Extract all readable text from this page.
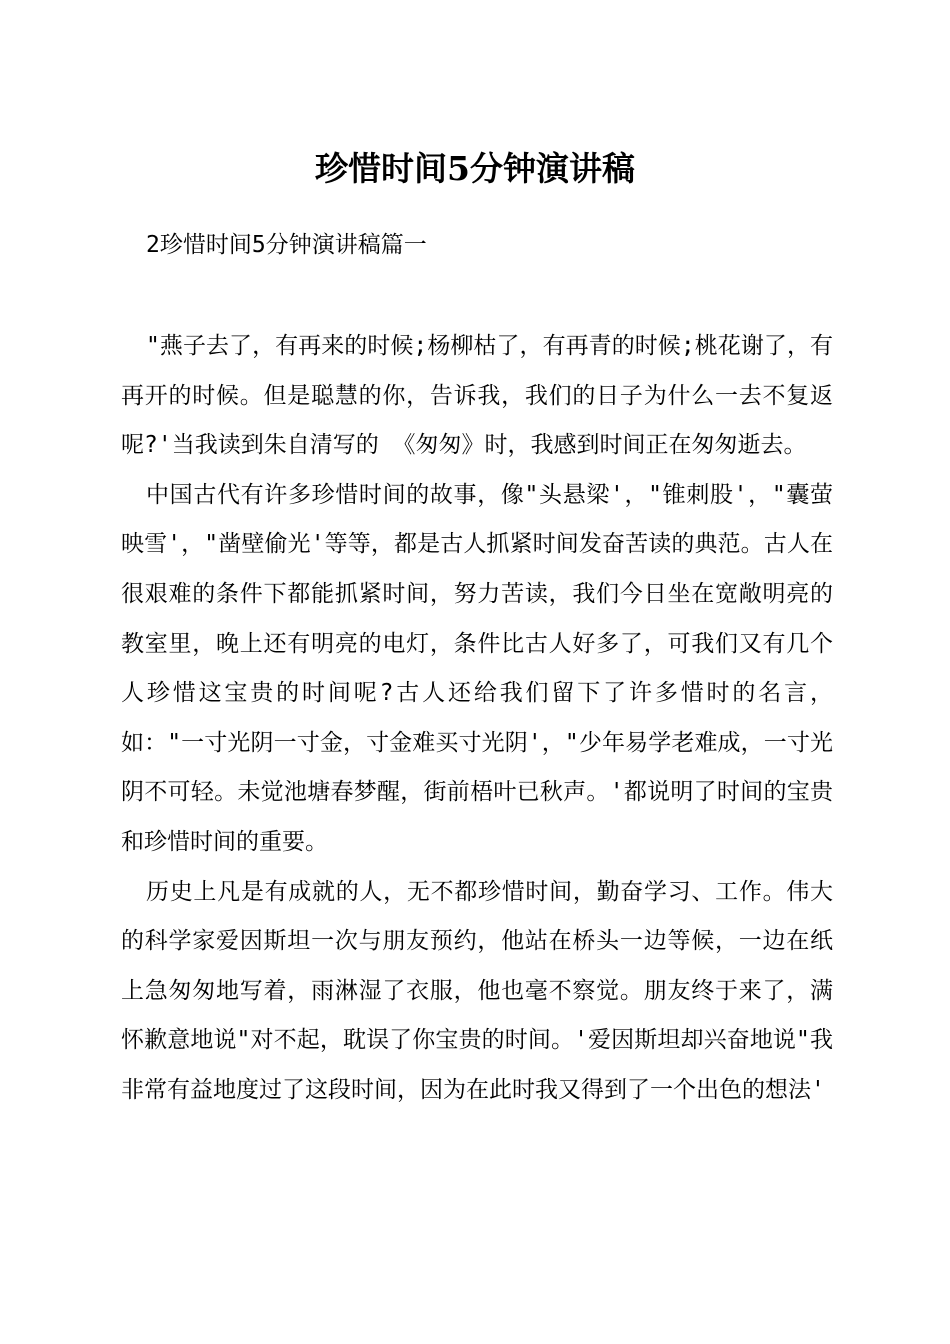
珍惜时间5分钟演讲稿
2珍惜时间5分钟演讲稿篇一

"燕子去了，有再来的时候;杨柳枯了，有再青的时候;桃花谢了，有再开的时候。但是聪慧的你，告诉我，我们的日子为什么一去不复返呢?'当我读到朱自清写的 《匆匆》时，我感到时间正在匆匆逝去。

中国古代有许多珍惜时间的故事，像"头悬梁'，"锥刺股'，"囊萤映雪'，"凿壁偷光'等等，都是古人抓紧时间发奋苦读的典范。古人在很艰难的条件下都能抓紧时间，努力苦读，我们今日坐在宽敞明亮的教室里，晚上还有明亮的电灯，条件比古人好多了，可我们又有几个人珍惜这宝贵的时间呢?古人还给我们留下了许多惜时的名言，如："一寸光阴一寸金，寸金难买寸光阴'，"少年易学老难成，一寸光阴不可轻。未觉池塘春梦醒，街前梧叶已秋声。'都说明了时间的宝贵和珍惜时间的重要。

历史上凡是有成就的人，无不都珍惜时间，勤奋学习、工作。伟大的科学家爱因斯坦一次与朋友预约，他站在桥头一边等候，一边在纸上急匆匆地写着，雨淋湿了衣服，他也毫不察觉。朋友终于来了，满怀歉意地说"对不起，耽误了你宝贵的时间。'爱因斯坦却兴奋地说"我非常有益地度过了这段时间，因为在此时我又得到了一个出色的想法'
